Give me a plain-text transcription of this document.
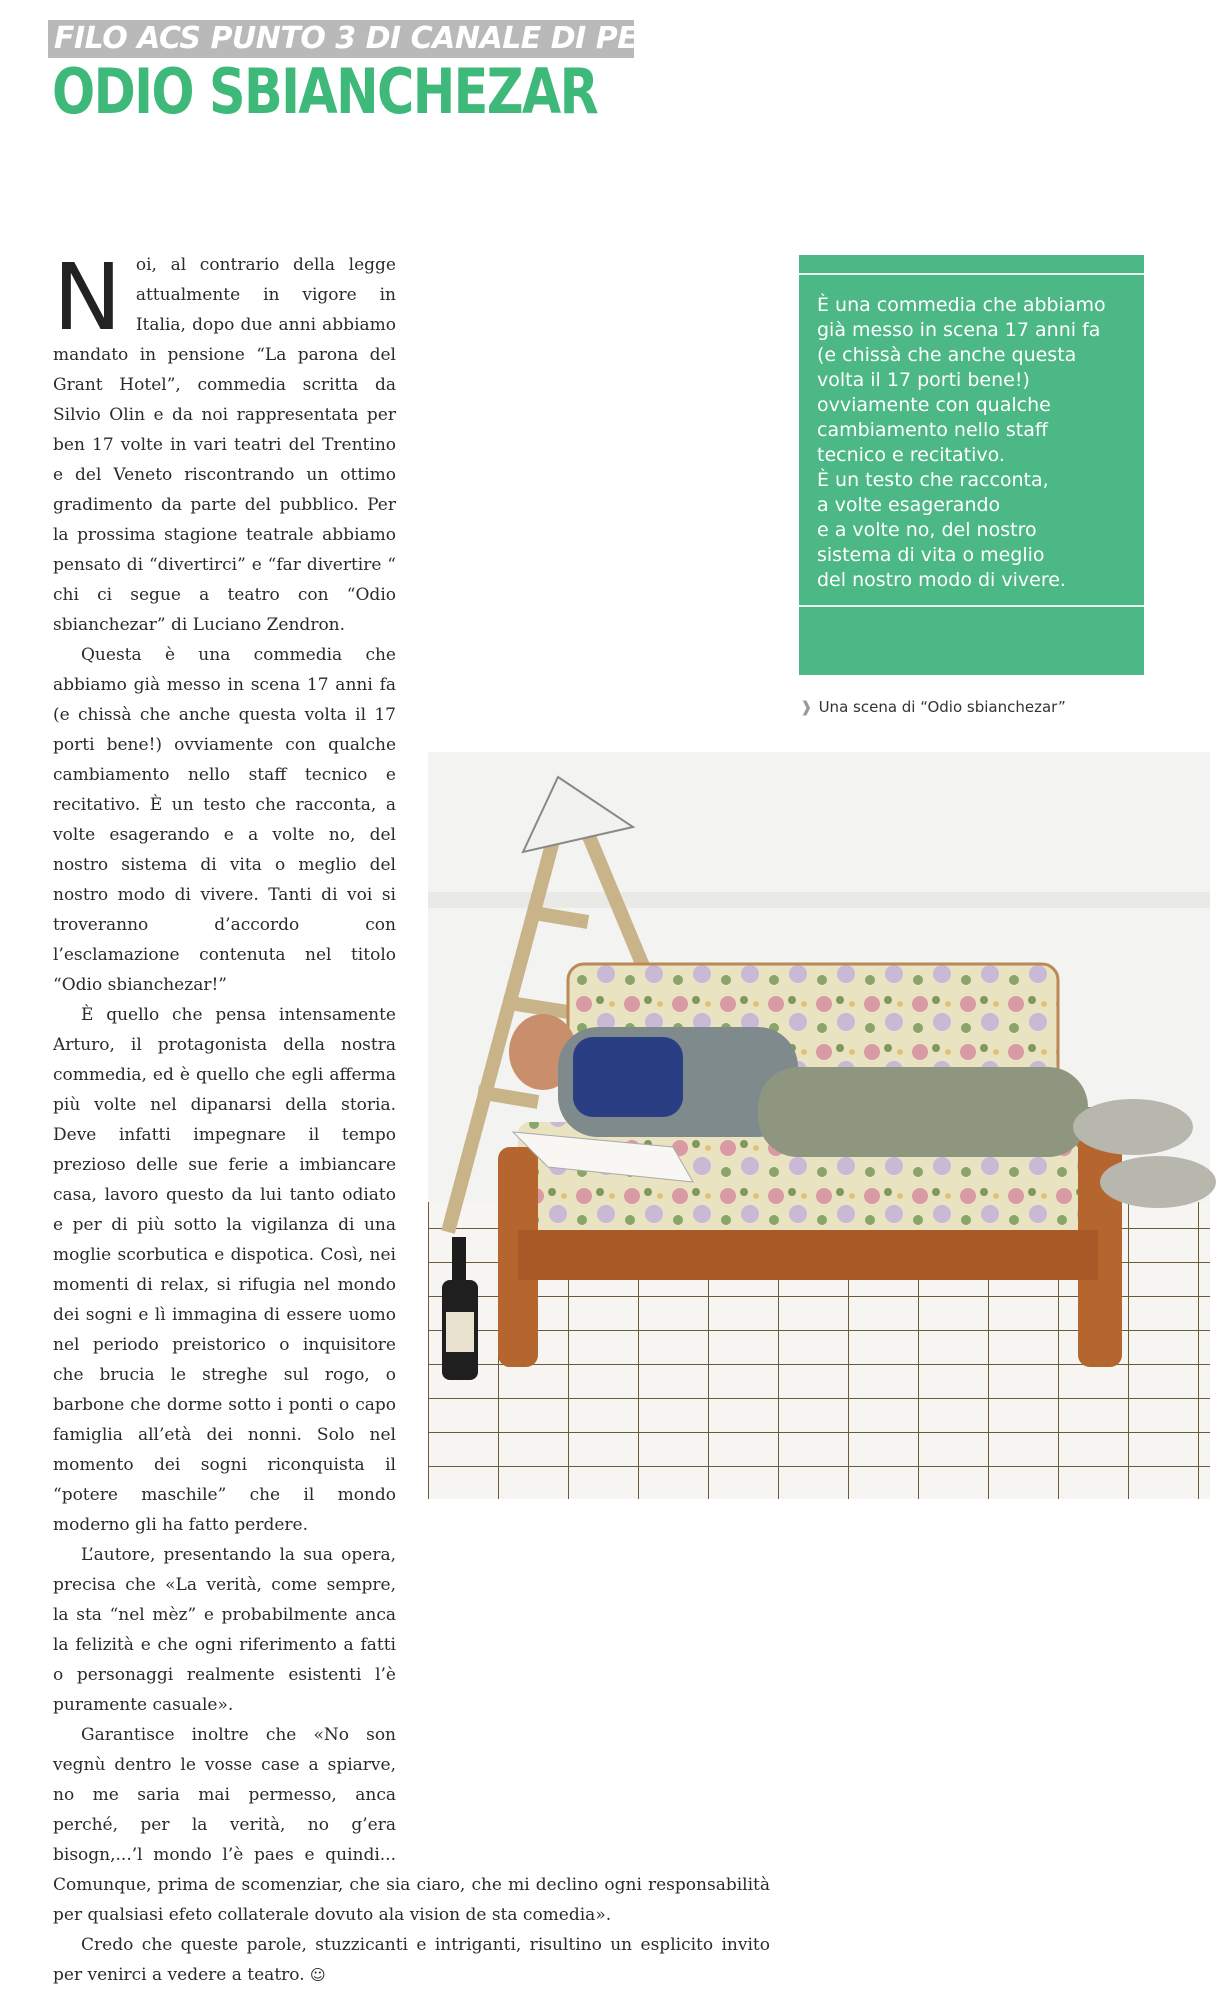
FILO ACS PUNTO 3 DI CANALE DI PERGINE
ODIO SBIANCHEZAR

Noi, al contrario della legge attualmente in vigore in Italia, dopo due anni abbiamo mandato in pensione “La parona del Grant Hotel”, commedia scritta da Silvio Olin e da noi rappresentata per ben 17 volte in vari teatri del Trentino e del Veneto riscontrando un ottimo gradimento da parte del pubblico. Per la prossima stagione teatrale abbiamo pensato di “divertirci” e “far divertire “ chi ci segue a teatro con “Odio sbianchezar” di Luciano Zendron.

Questa è una commedia che abbiamo già messo in scena 17 anni fa (e chissà che anche questa volta il 17 porti bene!) ovviamente con qualche cambiamento nello staff tecnico e recitativo. È un testo che racconta, a volte esagerando e a volte no, del nostro sistema di vita o meglio del nostro modo di vivere. Tanti di voi si troveranno d’accordo con l’esclamazione contenuta nel titolo “Odio sbianchezar!”

È quello che pensa intensamente Arturo, il protagonista della nostra commedia, ed è quello che egli afferma più volte nel dipanarsi della storia. Deve infatti impegnare il tempo prezioso delle sue ferie a imbiancare casa, lavoro questo da lui tanto odiato e per di più sotto la vigilanza di una moglie scorbutica e dispotica. Così, nei momenti di relax, si rifugia nel mondo dei sogni e lì immagina di essere uomo nel periodo preistorico o inquisitore che brucia le streghe sul rogo, o barbone che dorme sotto i ponti o capo famiglia all’età dei nonni. Solo nel momento dei sogni riconquista il “potere maschile” che il mondo moderno gli ha fatto perdere.

L’autore, presentando la sua opera, precisa che «La verità, come sempre, la sta “nel mèz” e probabilmente anca la felizità e che ogni riferimento a fatti o personaggi realmente esistenti l’è puramente casuale».

Garantisce inoltre che «No son vegnù dentro le vosse case a spiarve, no me saria mai permesso, anca perché, per la verità, no g’era bisogn,...’l mondo l’è paes e quindi... Comunque, prima de scomenziar, che sia ciaro, che mi declino ogni responsabilità per qualsiasi efeto collaterale dovuto ala vision de sta comedia».

Credo che queste parole, stuzzicanti e intriganti, risultino un esplicito invito per venirci a vedere a teatro. ☺

È una commedia che abbiamo
già messo in scena 17 anni fa
(e chissà che anche questa
volta il 17 porti bene!)
ovviamente con qualche
cambiamento nello staff
tecnico e recitativo.
È un testo che racconta,
a volte esagerando
e a volte no, del nostro
sistema di vita o meglio
del nostro modo di vivere.
❱ Una scena di “Odio sbianchezar”
